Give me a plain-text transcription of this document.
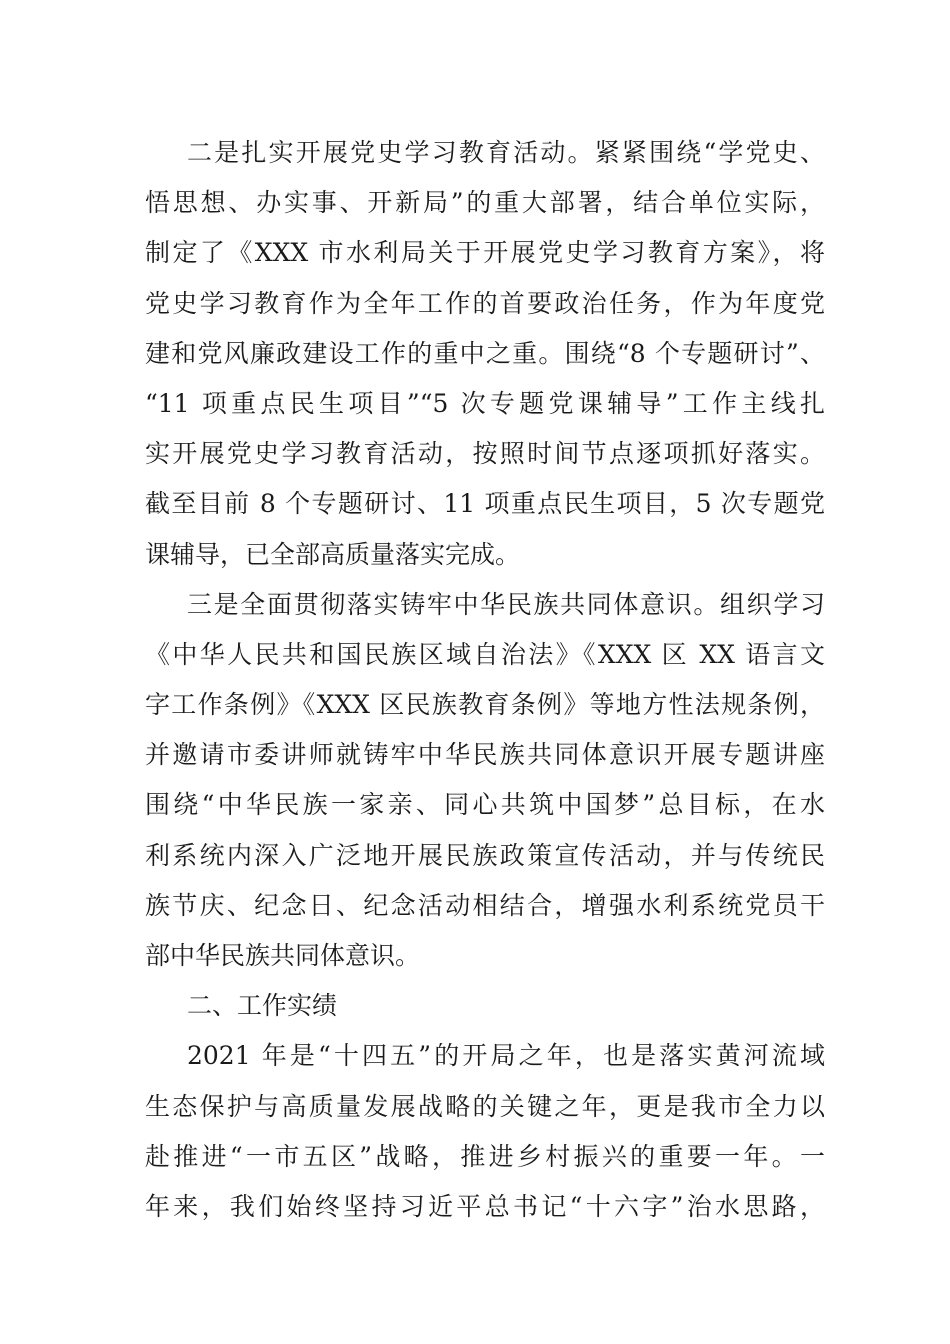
二是扎实开展党史学习教育活动。紧紧围绕“学党史、
悟思想、办实事、开新局”的重大部署，结合单位实际，
制定了《XXX 市水利局关于开展党史学习教育方案》，将
党史学习教育作为全年工作的首要政治任务，作为年度党
建和党风廉政建设工作的重中之重。围绕“8 个专题研讨”、
“11 项重点民生项目”“5 次专题党课辅导”工作主线扎
实开展党史学习教育活动，按照时间节点逐项抓好落实。
截至目前 8 个专题研讨、11 项重点民生项目，5 次专题党
课辅导，已全部高质量落实完成。
三是全面贯彻落实铸牢中华民族共同体意识。组织学习
《中华人民共和国民族区域自治法》《XXX 区 XX 语言文
字工作条例》《XXX 区民族教育条例》等地方性法规条例，
并邀请市委讲师就铸牢中华民族共同体意识开展专题讲座
围绕“中华民族一家亲、同心共筑中国梦”总目标，在水
利系统内深入广泛地开展民族政策宣传活动，并与传统民
族节庆、纪念日、纪念活动相结合，增强水利系统党员干
部中华民族共同体意识。
二、工作实绩
2021 年是“十四五”的开局之年，也是落实黄河流域
生态保护与高质量发展战略的关键之年，更是我市全力以
赴推进“一市五区”战略，推进乡村振兴的重要一年。一
年来，我们始终坚持习近平总书记“十六字”治水思路，
